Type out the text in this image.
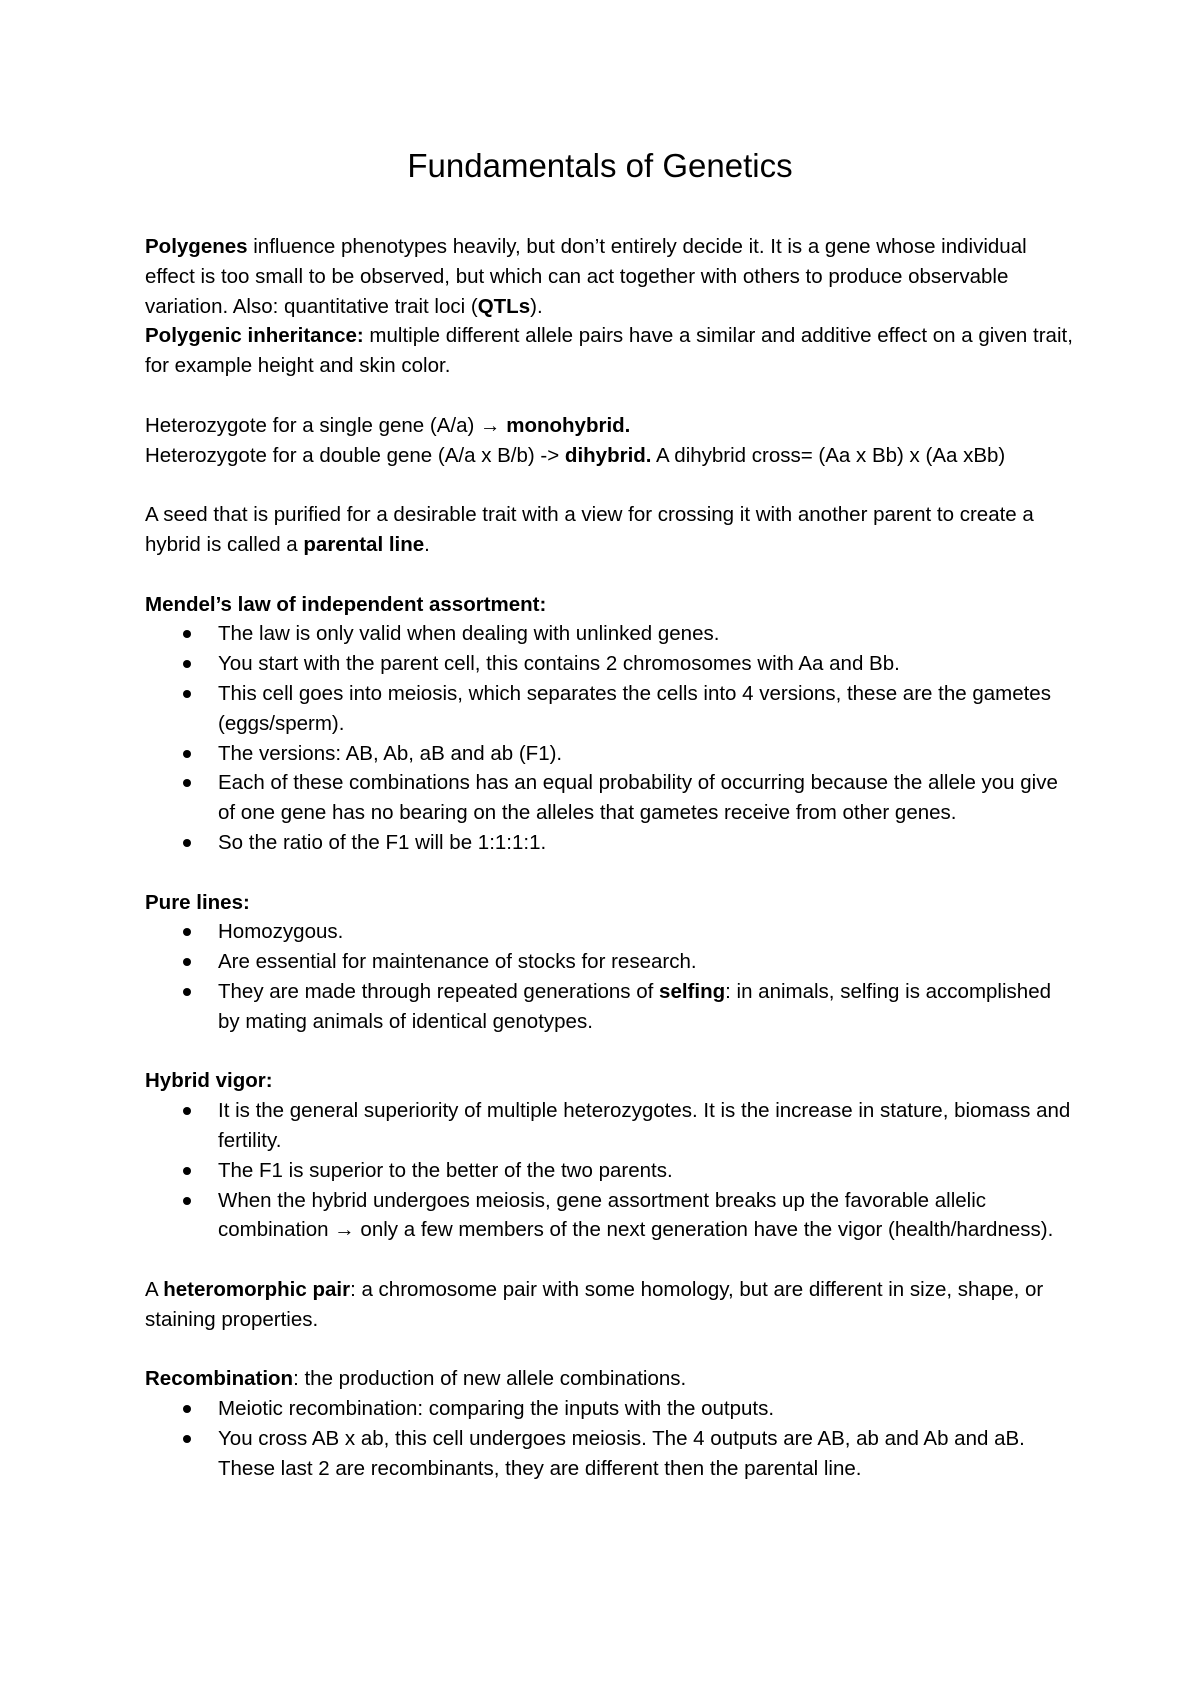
Fundamentals of Genetics

Polygenes influence phenotypes heavily, but don’t entirely decide it. It is a gene whose individual effect is too small to be observed, but which can act together with others to produce observable variation. Also: quantitative trait loci (QTLs).

Polygenic inheritance: multiple different allele pairs have a similar and additive effect on a given trait, for example height and skin color.

Heterozygote for a single gene (A/a) → monohybrid.

Heterozygote for a double gene (A/a x B/b) -> dihybrid. A dihybrid cross= (Aa x Bb) x (Aa xBb)

A seed that is purified for a desirable trait with a view for crossing it with another parent to create a hybrid is called a parental line.

Mendel’s law of independent assortment:

The law is only valid when dealing with unlinked genes.
You start with the parent cell, this contains 2 chromosomes with Aa and Bb.
This cell goes into meiosis, which separates the cells into 4 versions, these are the gametes (eggs/sperm).
The versions: AB, Ab, aB and ab (F1).
Each of these combinations has an equal probability of occurring because the allele you give of one gene has no bearing on the alleles that gametes receive from other genes.
So the ratio of the F1 will be 1:1:1:1.

Pure lines:

Homozygous.
Are essential for maintenance of stocks for research.
They are made through repeated generations of selfing: in animals, selfing is accomplished by mating animals of identical genotypes.

Hybrid vigor:

It is the general superiority of multiple heterozygotes. It is the increase in stature, biomass and fertility.
The F1 is superior to the better of the two parents.
When the hybrid undergoes meiosis, gene assortment breaks up the favorable allelic combination → only a few members of the next generation have the vigor (health/hardness).

A heteromorphic pair: a chromosome pair with some homology, but are different in size, shape, or staining properties.

Recombination: the production of new allele combinations.

Meiotic recombination: comparing the inputs with the outputs.
You cross AB x ab, this cell undergoes meiosis. The 4 outputs are AB, ab and Ab and aB. These last 2 are recombinants, they are different then the parental line.
